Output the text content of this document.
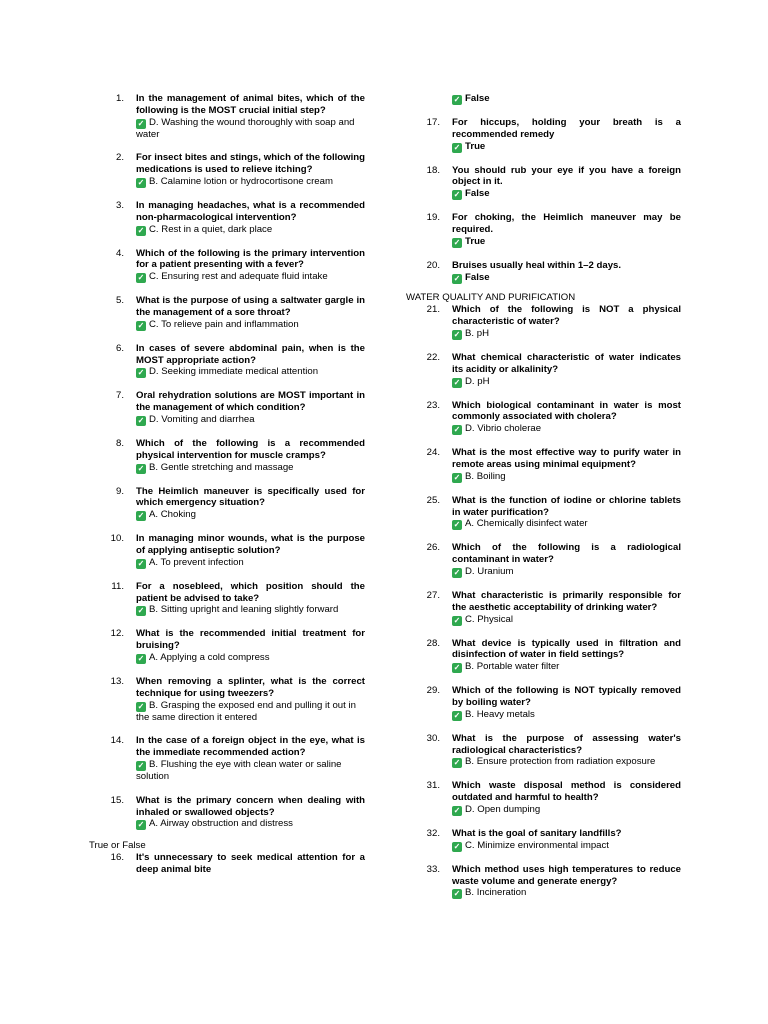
1. In the management of animal bites, which of the following is the MOST crucial initial step?
✓ D. Washing the wound thoroughly with soap and water
2. For insect bites and stings, which of the following medications is used to relieve itching?
✓ B. Calamine lotion or hydrocortisone cream
3. In managing headaches, what is a recommended non-pharmacological intervention?
✓ C. Rest in a quiet, dark place
4. Which of the following is the primary intervention for a patient presenting with a fever?
✓ C. Ensuring rest and adequate fluid intake
5. What is the purpose of using a saltwater gargle in the management of a sore throat?
✓ C. To relieve pain and inflammation
6. In cases of severe abdominal pain, when is the MOST appropriate action?
✓ D. Seeking immediate medical attention
7. Oral rehydration solutions are MOST important in the management of which condition?
✓ D. Vomiting and diarrhea
8. Which of the following is a recommended physical intervention for muscle cramps?
✓ B. Gentle stretching and massage
9. The Heimlich maneuver is specifically used for which emergency situation?
✓ A. Choking
10. In managing minor wounds, what is the purpose of applying antiseptic solution?
✓ A. To prevent infection
11. For a nosebleed, which position should the patient be advised to take?
✓ B. Sitting upright and leaning slightly forward
12. What is the recommended initial treatment for bruising?
✓ A. Applying a cold compress
13. When removing a splinter, what is the correct technique for using tweezers?
✓ B. Grasping the exposed end and pulling it out in the same direction it entered
14. In the case of a foreign object in the eye, what is the immediate recommended action?
✓ B. Flushing the eye with clean water or saline solution
15. What is the primary concern when dealing with inhaled or swallowed objects?
✓ A. Airway obstruction and distress
True or False
16. It's unnecessary to seek medical attention for a deep animal bite
✓ False
17. For hiccups, holding your breath is a recommended remedy
✓ True
18. You should rub your eye if you have a foreign object in it.
✓ False
19. For choking, the Heimlich maneuver may be required.
✓ True
20. Bruises usually heal within 1–2 days.
✓ False
WATER QUALITY AND PURIFICATION
21. Which of the following is NOT a physical characteristic of water?
✓ B. pH
22. What chemical characteristic of water indicates its acidity or alkalinity?
✓ D. pH
23. Which biological contaminant in water is most commonly associated with cholera?
✓ D. Vibrio cholerae
24. What is the most effective way to purify water in remote areas using minimal equipment?
✓ B. Boiling
25. What is the function of iodine or chlorine tablets in water purification?
✓ A. Chemically disinfect water
26. Which of the following is a radiological contaminant in water?
✓ D. Uranium
27. What characteristic is primarily responsible for the aesthetic acceptability of drinking water?
✓ C. Physical
28. What device is typically used in filtration and disinfection of water in field settings?
✓ B. Portable water filter
29. Which of the following is NOT typically removed by boiling water?
✓ B. Heavy metals
30. What is the purpose of assessing water's radiological characteristics?
✓ B. Ensure protection from radiation exposure
31. Which waste disposal method is considered outdated and harmful to health?
✓ D. Open dumping
32. What is the goal of sanitary landfills?
✓ C. Minimize environmental impact
33. Which method uses high temperatures to reduce waste volume and generate energy?
✓ B. Incineration
